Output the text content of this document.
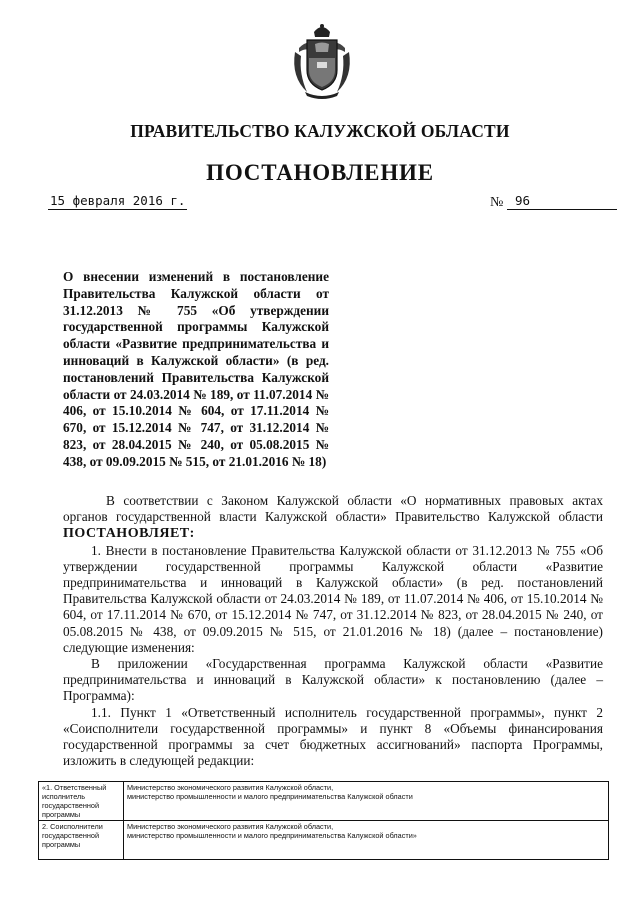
ПРАВИТЕЛЬСТВО КАЛУЖСКОЙ ОБЛАСТИ
ПОСТАНОВЛЕНИЕ
15 февраля 2016 г.	№ 96
О внесении изменений в постановление Правительства Калужской области от 31.12.2013 № 755 «Об утверждении государственной программы Калужской области «Развитие предпринимательства и инноваций в Калужской области» (в ред. постановлений Правительства Калужской области от 24.03.2014 № 189, от 11.07.2014 № 406, от 15.10.2014 № 604, от 17.11.2014 № 670, от 15.12.2014 № 747, от 31.12.2014 № 823, от 28.04.2015 № 240, от 05.08.2015 № 438, от 09.09.2015 № 515, от 21.01.2016 № 18)

В соответствии с Законом Калужской области «О нормативных правовых актах органов государственной власти Калужской области» Правительство Калужской области ПОСТАНОВЛЯЕТ:

1. Внести в постановление Правительства Калужской области от 31.12.2013 № 755 «Об утверждении государственной программы Калужской области «Развитие предпринимательства и инноваций в Калужской области» (в ред. постановлений Правительства Калужской области от 24.03.2014 № 189, от 11.07.2014 № 406, от 15.10.2014 № 604, от 17.11.2014 № 670, от 15.12.2014 № 747, от 31.12.2014 № 823, от 28.04.2015 № 240, от 05.08.2015 № 438, от 09.09.2015 № 515, от 21.01.2016 № 18) (далее – постановление) следующие изменения:

В приложении «Государственная программа Калужской области «Развитие предпринимательства и инноваций в Калужской области» к постановлению (далее – Программа):

1.1. Пункт 1 «Ответственный исполнитель государственной программы», пункт 2 «Соисполнители государственной программы» и пункт 8 «Объемы финансирования государственной программы за счет бюджетных ассигнований» паспорта Программы, изложить в следующей редакции:

«1. Ответственный исполнитель государственной программы	Министерство экономического развития Калужской области,
министерство промышленности и малого предпринимательства Калужской области

2. Соисполнители государственной программы	Министерство экономического развития Калужской области,
министерство промышленности и малого предпринимательства Калужской области»
